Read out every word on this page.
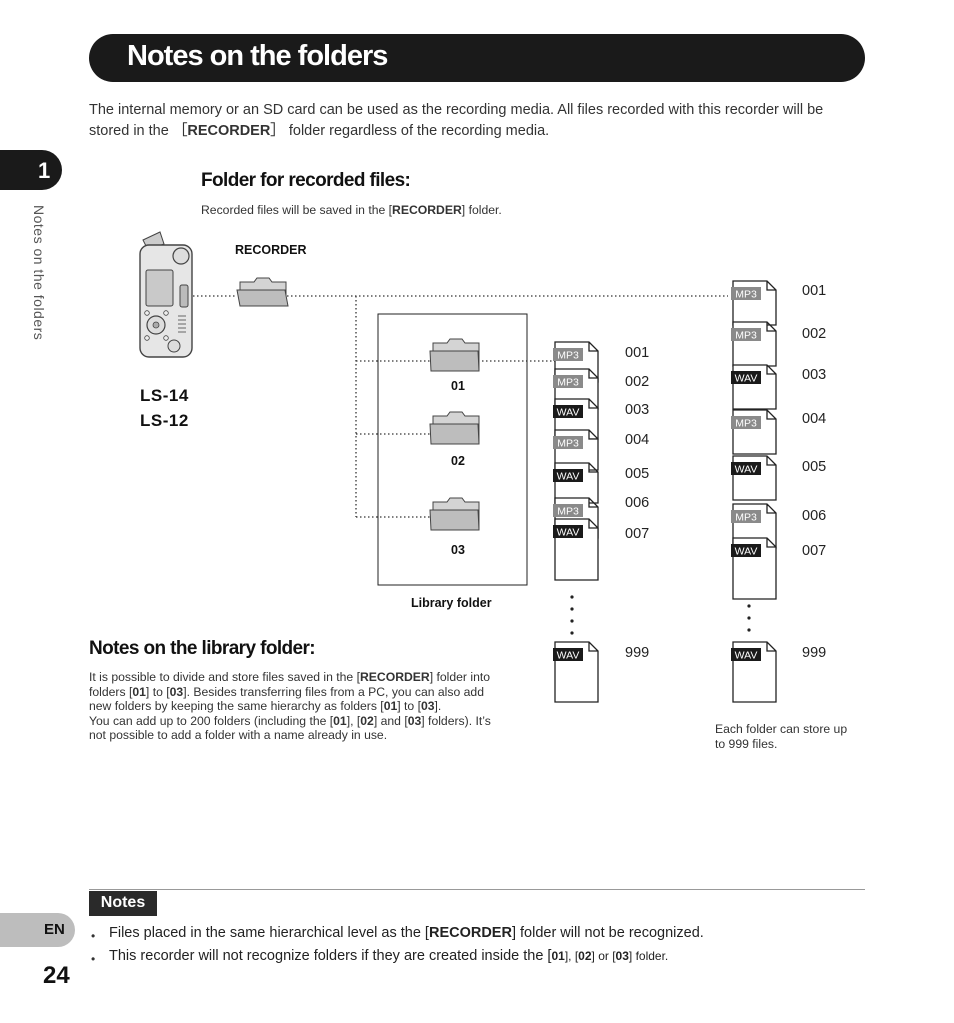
Notes on the folders
The internal memory or an SD card can be used as the recording media. All files recorded with this recorder will be
stored in the ［RECORDER］ folder regardless of the recording media.
1
Notes on the folders
Folder for recorded files:
Recorded files will be saved in the [RECORDER] folder.
MP3
MP3
WAV
MP3
WAV
MP3
WAV
WAV
MP3
MP3
WAV
MP3
WAV
MP3
WAV
WAV
RECORDER
LS-14
LS-12
01
02
03
Library folder
001
002
003
004
005
006
007
999
001
002
003
004
005
006
007
999
Each folder can store up
to 999 files.
Notes on the library folder:
It is possible to divide and store files saved in the [RECORDER] folder into
folders [01] to [03]. Besides transferring files from a PC, you can also add
new folders by keeping the same hierarchy as folders [01] to [03].
You can add up to 200 folders (including the [01], [02] and [03] folders). It’s
not possible to add a folder with a name already in use.
Notes
• Files placed in the same hierarchical level as the [RECORDER] folder will not be recognized.
• This recorder will not recognize folders if they are created inside the [01], [02] or [03] folder.
EN
24
